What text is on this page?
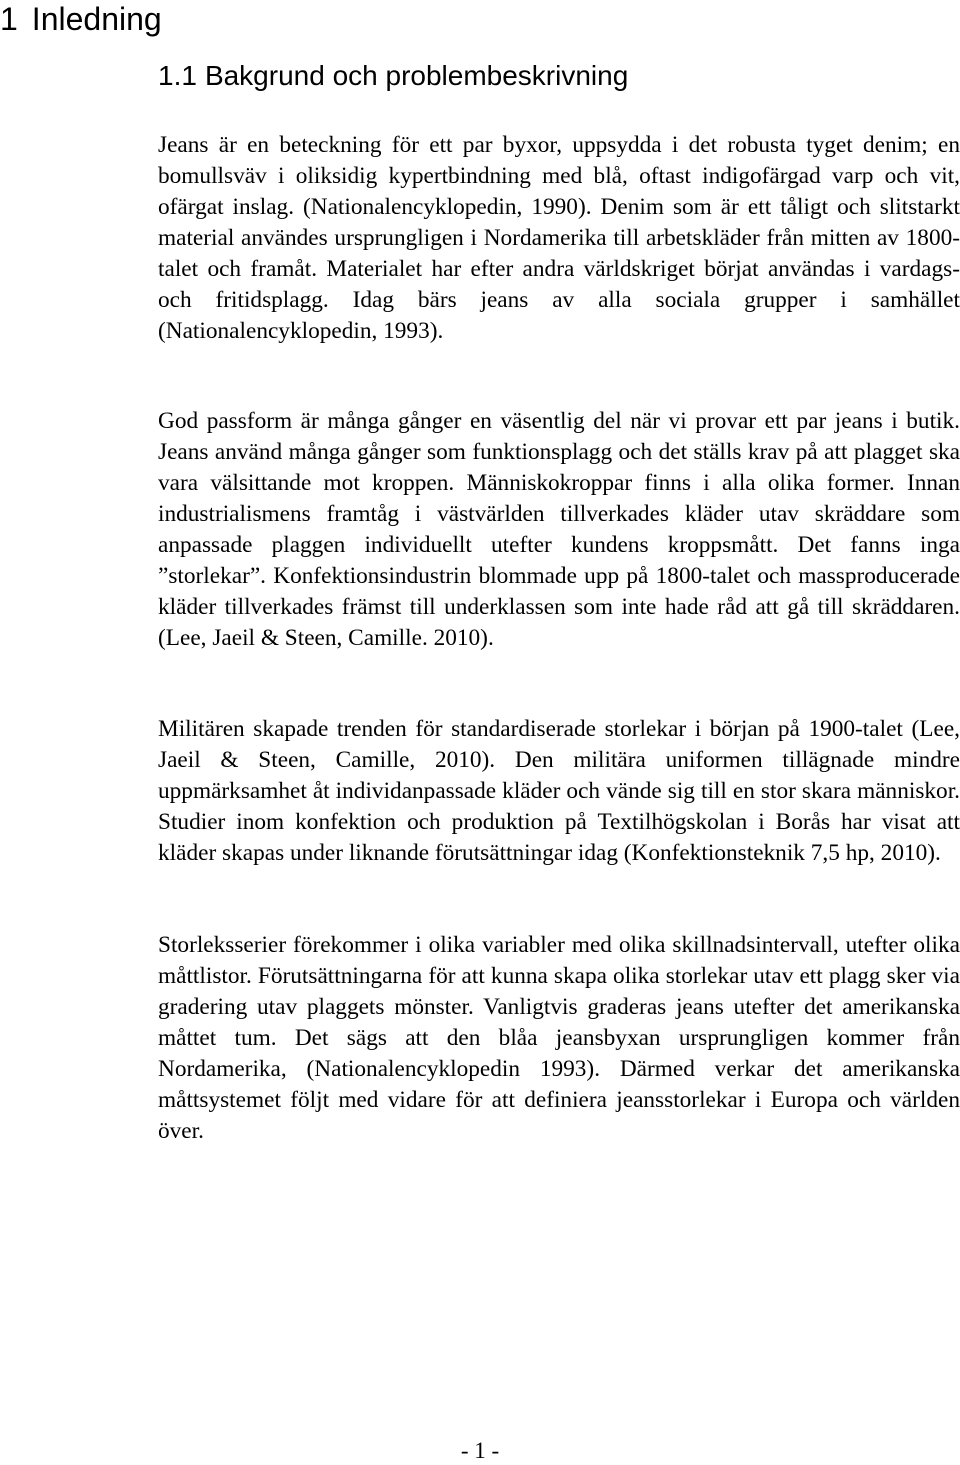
1 Inledning
1.1 Bakgrund och problembeskrivning

Jeans är en beteckning för ett par byxor, uppsydda i det robusta tyget denim; en bomullsväv i oliksidig kypertbindning med blå, oftast indigofärgad varp och vit, ofärgat inslag. (Nationalencyklopedin, 1990). Denim som är ett tåligt och slitstarkt material användes ursprungligen i Nordamerika till arbetskläder från mitten av 1800-talet och framåt. Materialet har efter andra världskriget börjat användas i vardags- och fritidsplagg. Idag bärs jeans av alla sociala grupper i samhället (Nationalencyklopedin, 1993).

God passform är många gånger en väsentlig del när vi provar ett par jeans i butik. Jeans använd många gånger som funktionsplagg och det ställs krav på att plagget ska vara välsittande mot kroppen. Människokroppar finns i alla olika former. Innan industrialismens framtåg i västvärlden tillverkades kläder utav skräddare som anpassade plaggen individuellt utefter kundens kroppsmått. Det fanns inga ”storlekar”. Konfektionsindustrin blommade upp på 1800-talet och massproducerade kläder tillverkades främst till underklassen som inte hade råd att gå till skräddaren. (Lee, Jaeil & Steen, Camille. 2010).

Militären skapade trenden för standardiserade storlekar i början på 1900-talet (Lee, Jaeil & Steen, Camille, 2010). Den militära uniformen tillägnade mindre uppmärksamhet åt individanpassade kläder och vände sig till en stor skara människor. Studier inom konfektion och produktion på Textilhögskolan i Borås har visat att kläder skapas under liknande förutsättningar idag (Konfektionsteknik 7,5 hp, 2010).

Storleksserier förekommer i olika variabler med olika skillnadsintervall, utefter olika måttlistor. Förutsättningarna för att kunna skapa olika storlekar utav ett plagg sker via gradering utav plaggets mönster. Vanligtvis graderas jeans utefter det amerikanska måttet tum. Det sägs att den blåa jeansbyxan ursprungligen kommer från Nordamerika, (Nationalencyklopedin 1993). Därmed verkar det amerikanska måttsystemet följt med vidare för att definiera jeansstorlekar i Europa och världen över.

- 1 -
